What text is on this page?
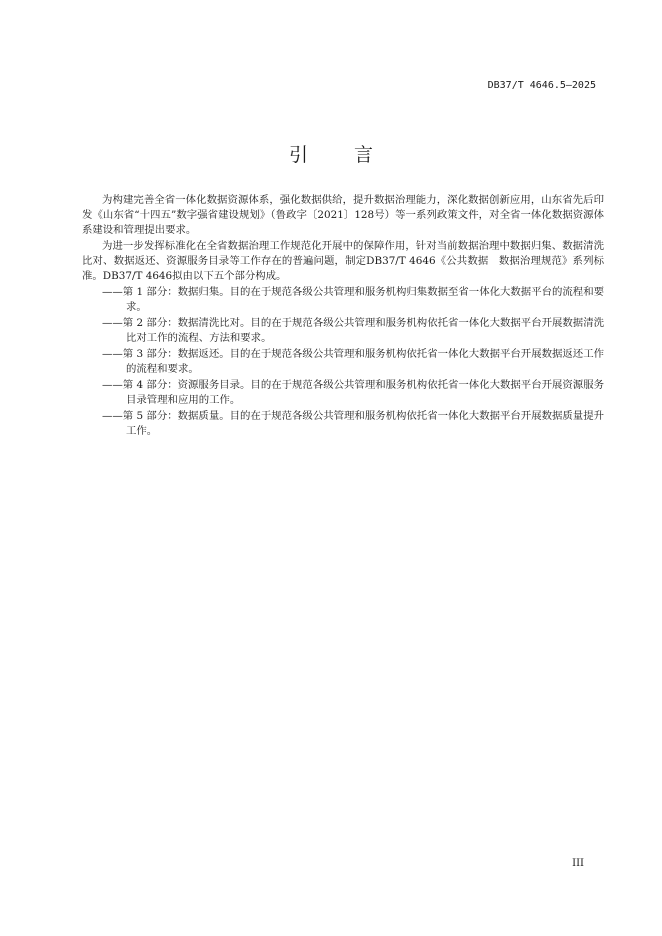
DB37/T 4646.5—2025
引 言

为构建完善全省一体化数据资源体系，强化数据供给，提升数据治理能力，深化数据创新应用，山东省先后印发《山东省“十四五”数字强省建设规划》（鲁政字〔2021〕128号）等一系列政策文件，对全省一体化数据资源体系建设和管理提出要求。

为进一步发挥标准化在全省数据治理工作规范化开展中的保障作用，针对当前数据治理中数据归集、数据清洗比对、数据返还、资源服务目录等工作存在的普遍问题，制定DB37/T 4646《公共数据　数据治理规范》系列标准。DB37/T 4646拟由以下五个部分构成。

——第 1 部分：数据归集。目的在于规范各级公共管理和服务机构归集数据至省一体化大数据平台的流程和要求。

——第 2 部分：数据清洗比对。目的在于规范各级公共管理和服务机构依托省一体化大数据平台开展数据清洗比对工作的流程、方法和要求。

——第 3 部分：数据返还。目的在于规范各级公共管理和服务机构依托省一体化大数据平台开展数据返还工作的流程和要求。

——第 4 部分：资源服务目录。目的在于规范各级公共管理和服务机构依托省一体化大数据平台开展资源服务目录管理和应用的工作。

——第 5 部分：数据质量。目的在于规范各级公共管理和服务机构依托省一体化大数据平台开展数据质量提升工作。

III
